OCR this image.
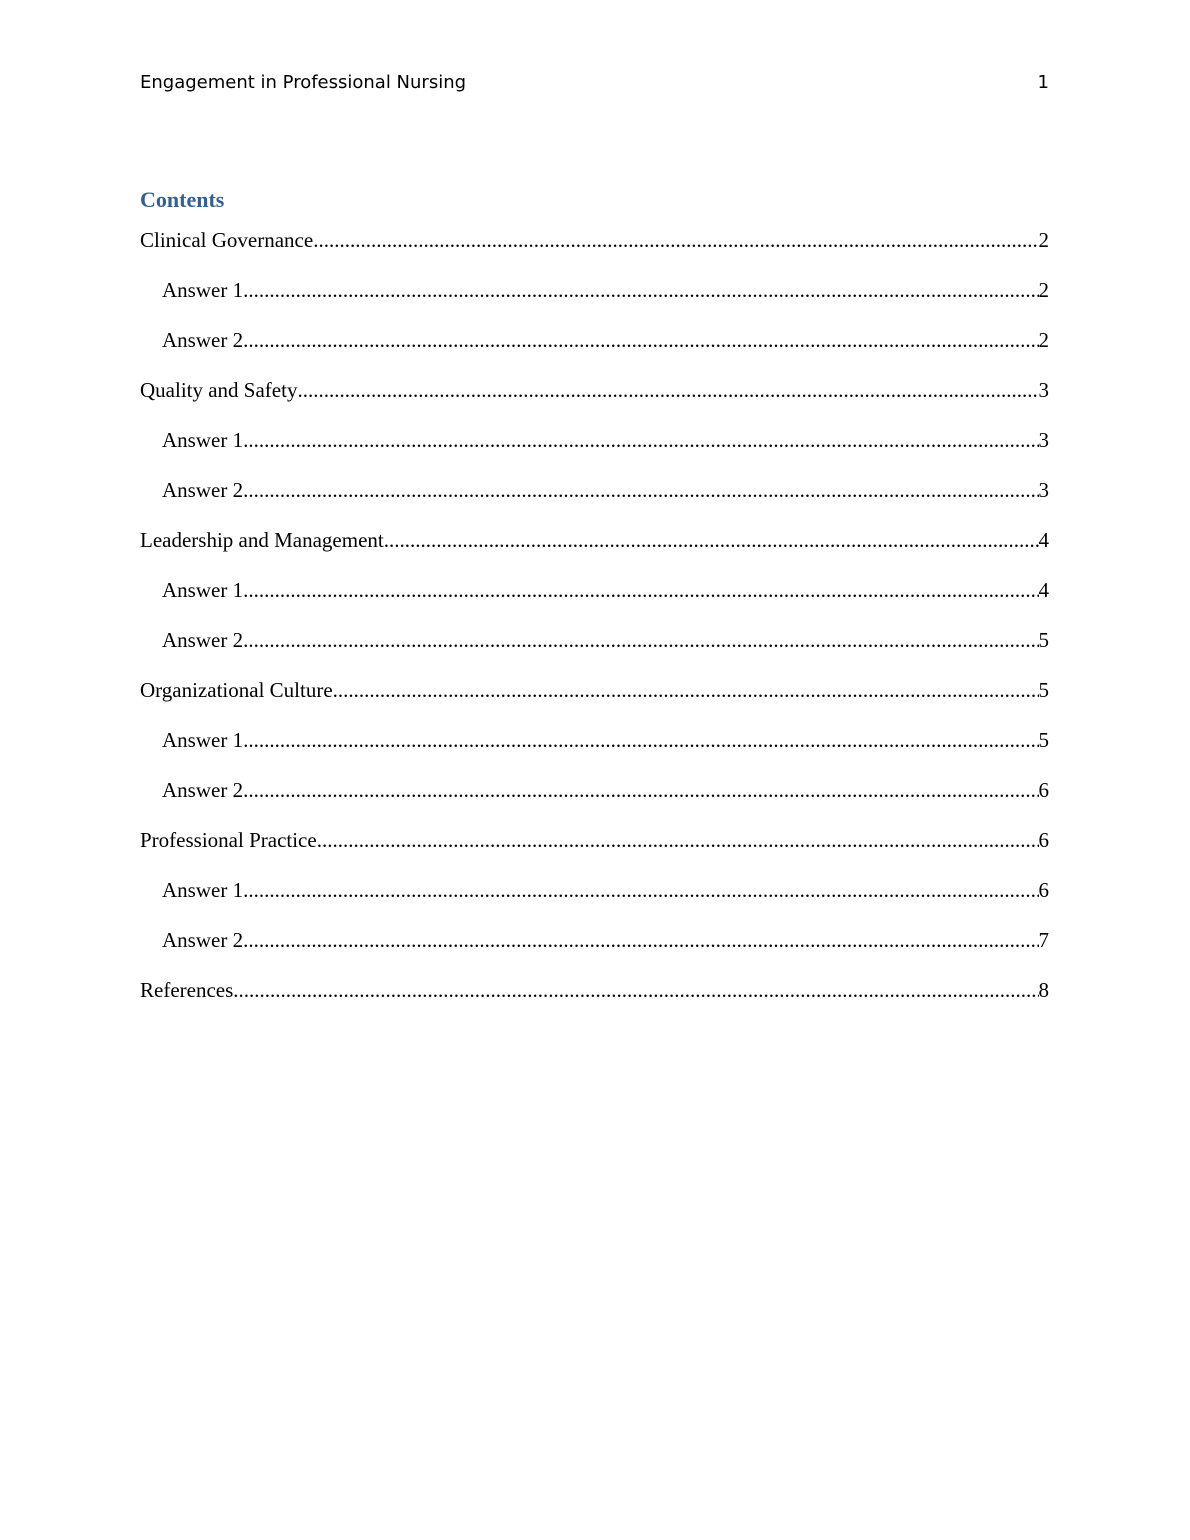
Engagement in Professional Nursing	1
Contents
Clinical Governance .....	2
Answer 1 .....	2
Answer 2 .....	2
Quality and Safety .....	3
Answer 1 .....	3
Answer 2 .....	3
Leadership and Management .....	4
Answer 1 .....	4
Answer 2 .....	5
Organizational Culture .....	5
Answer 1 .....	5
Answer 2 .....	6
Professional Practice .....	6
Answer 1 .....	6
Answer 2 .....	7
References .....	8
